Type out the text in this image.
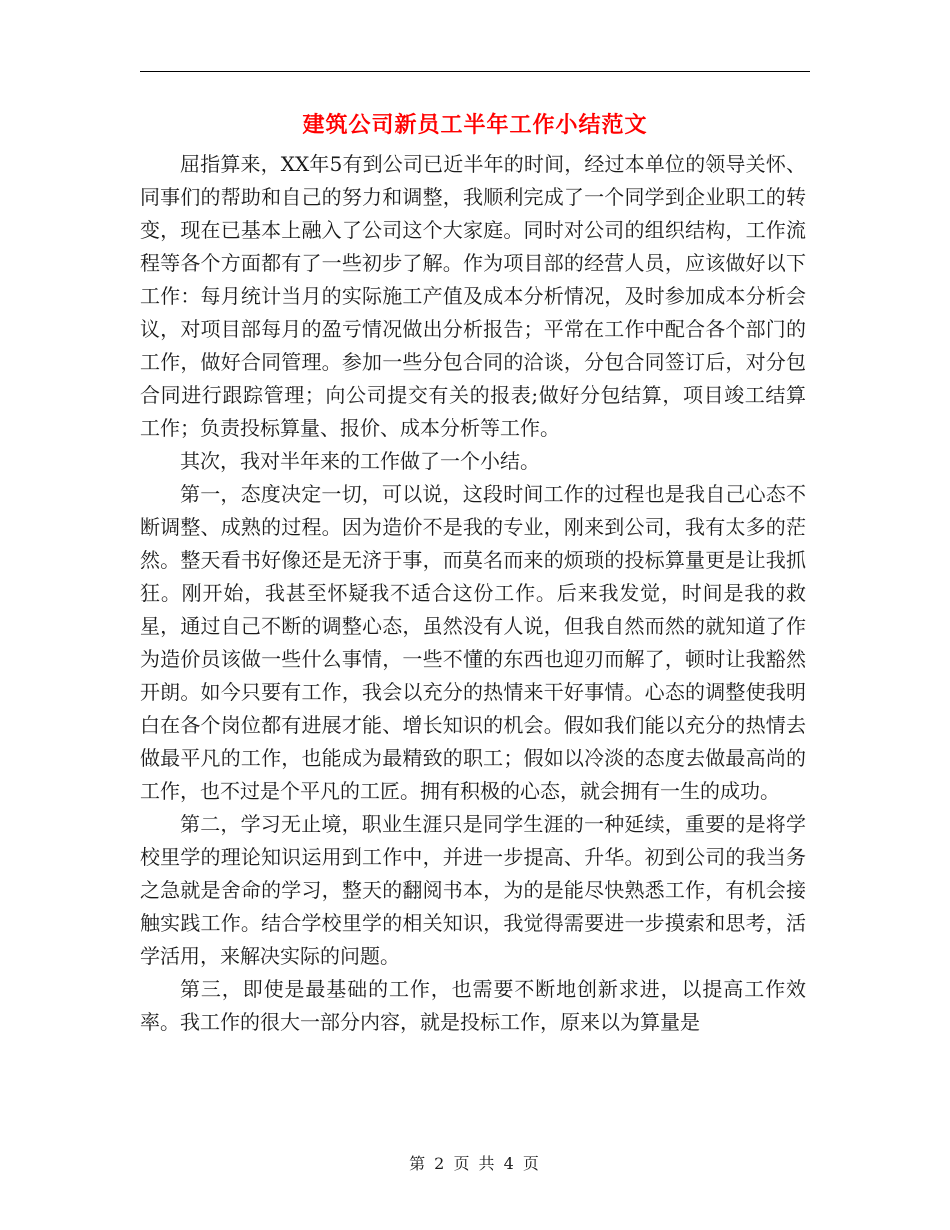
建筑公司新员工半年工作小结范文

屈指算来，XX年5有到公司已近半年的时间，经过本单位的领导关怀、同事们的帮助和自己的努力和调整，我顺利完成了一个同学到企业职工的转变，现在已基本上融入了公司这个大家庭。同时对公司的组织结构，工作流程等各个方面都有了一些初步了解。作为项目部的经营人员，应该做好以下工作：每月统计当月的实际施工产值及成本分析情况，及时参加成本分析会议，对项目部每月的盈亏情况做出分析报告；平常在工作中配合各个部门的工作，做好合同管理。参加一些分包合同的洽谈，分包合同签订后，对分包合同进行跟踪管理；向公司提交有关的报表;做好分包结算，项目竣工结算工作；负责投标算量、报价、成本分析等工作。

其次，我对半年来的工作做了一个小结。

第一，态度决定一切，可以说，这段时间工作的过程也是我自己心态不断调整、成熟的过程。因为造价不是我的专业，刚来到公司，我有太多的茫然。整天看书好像还是无济于事，而莫名而来的烦琐的投标算量更是让我抓狂。刚开始，我甚至怀疑我不适合这份工作。后来我发觉，时间是我的救星，通过自己不断的调整心态，虽然没有人说，但我自然而然的就知道了作为造价员该做一些什么事情，一些不懂的东西也迎刃而解了，顿时让我豁然开朗。如今只要有工作，我会以充分的热情来干好事情。心态的调整使我明白在各个岗位都有进展才能、增长知识的机会。假如我们能以充分的热情去做最平凡的工作，也能成为最精致的职工；假如以冷淡的态度去做最高尚的工作，也不过是个平凡的工匠。拥有积极的心态，就会拥有一生的成功。

第二，学习无止境，职业生涯只是同学生涯的一种延续，重要的是将学校里学的理论知识运用到工作中，并进一步提高、升华。初到公司的我当务之急就是舍命的学习，整天的翻阅书本，为的是能尽快熟悉工作，有机会接触实践工作。结合学校里学的相关知识，我觉得需要进一步摸索和思考，活学活用，来解决实际的问题。

第三，即使是最基础的工作，也需要不断地创新求进，以提高工作效率。我工作的很大一部分内容，就是投标工作，原来以为算量是

第 2 页 共 4 页
